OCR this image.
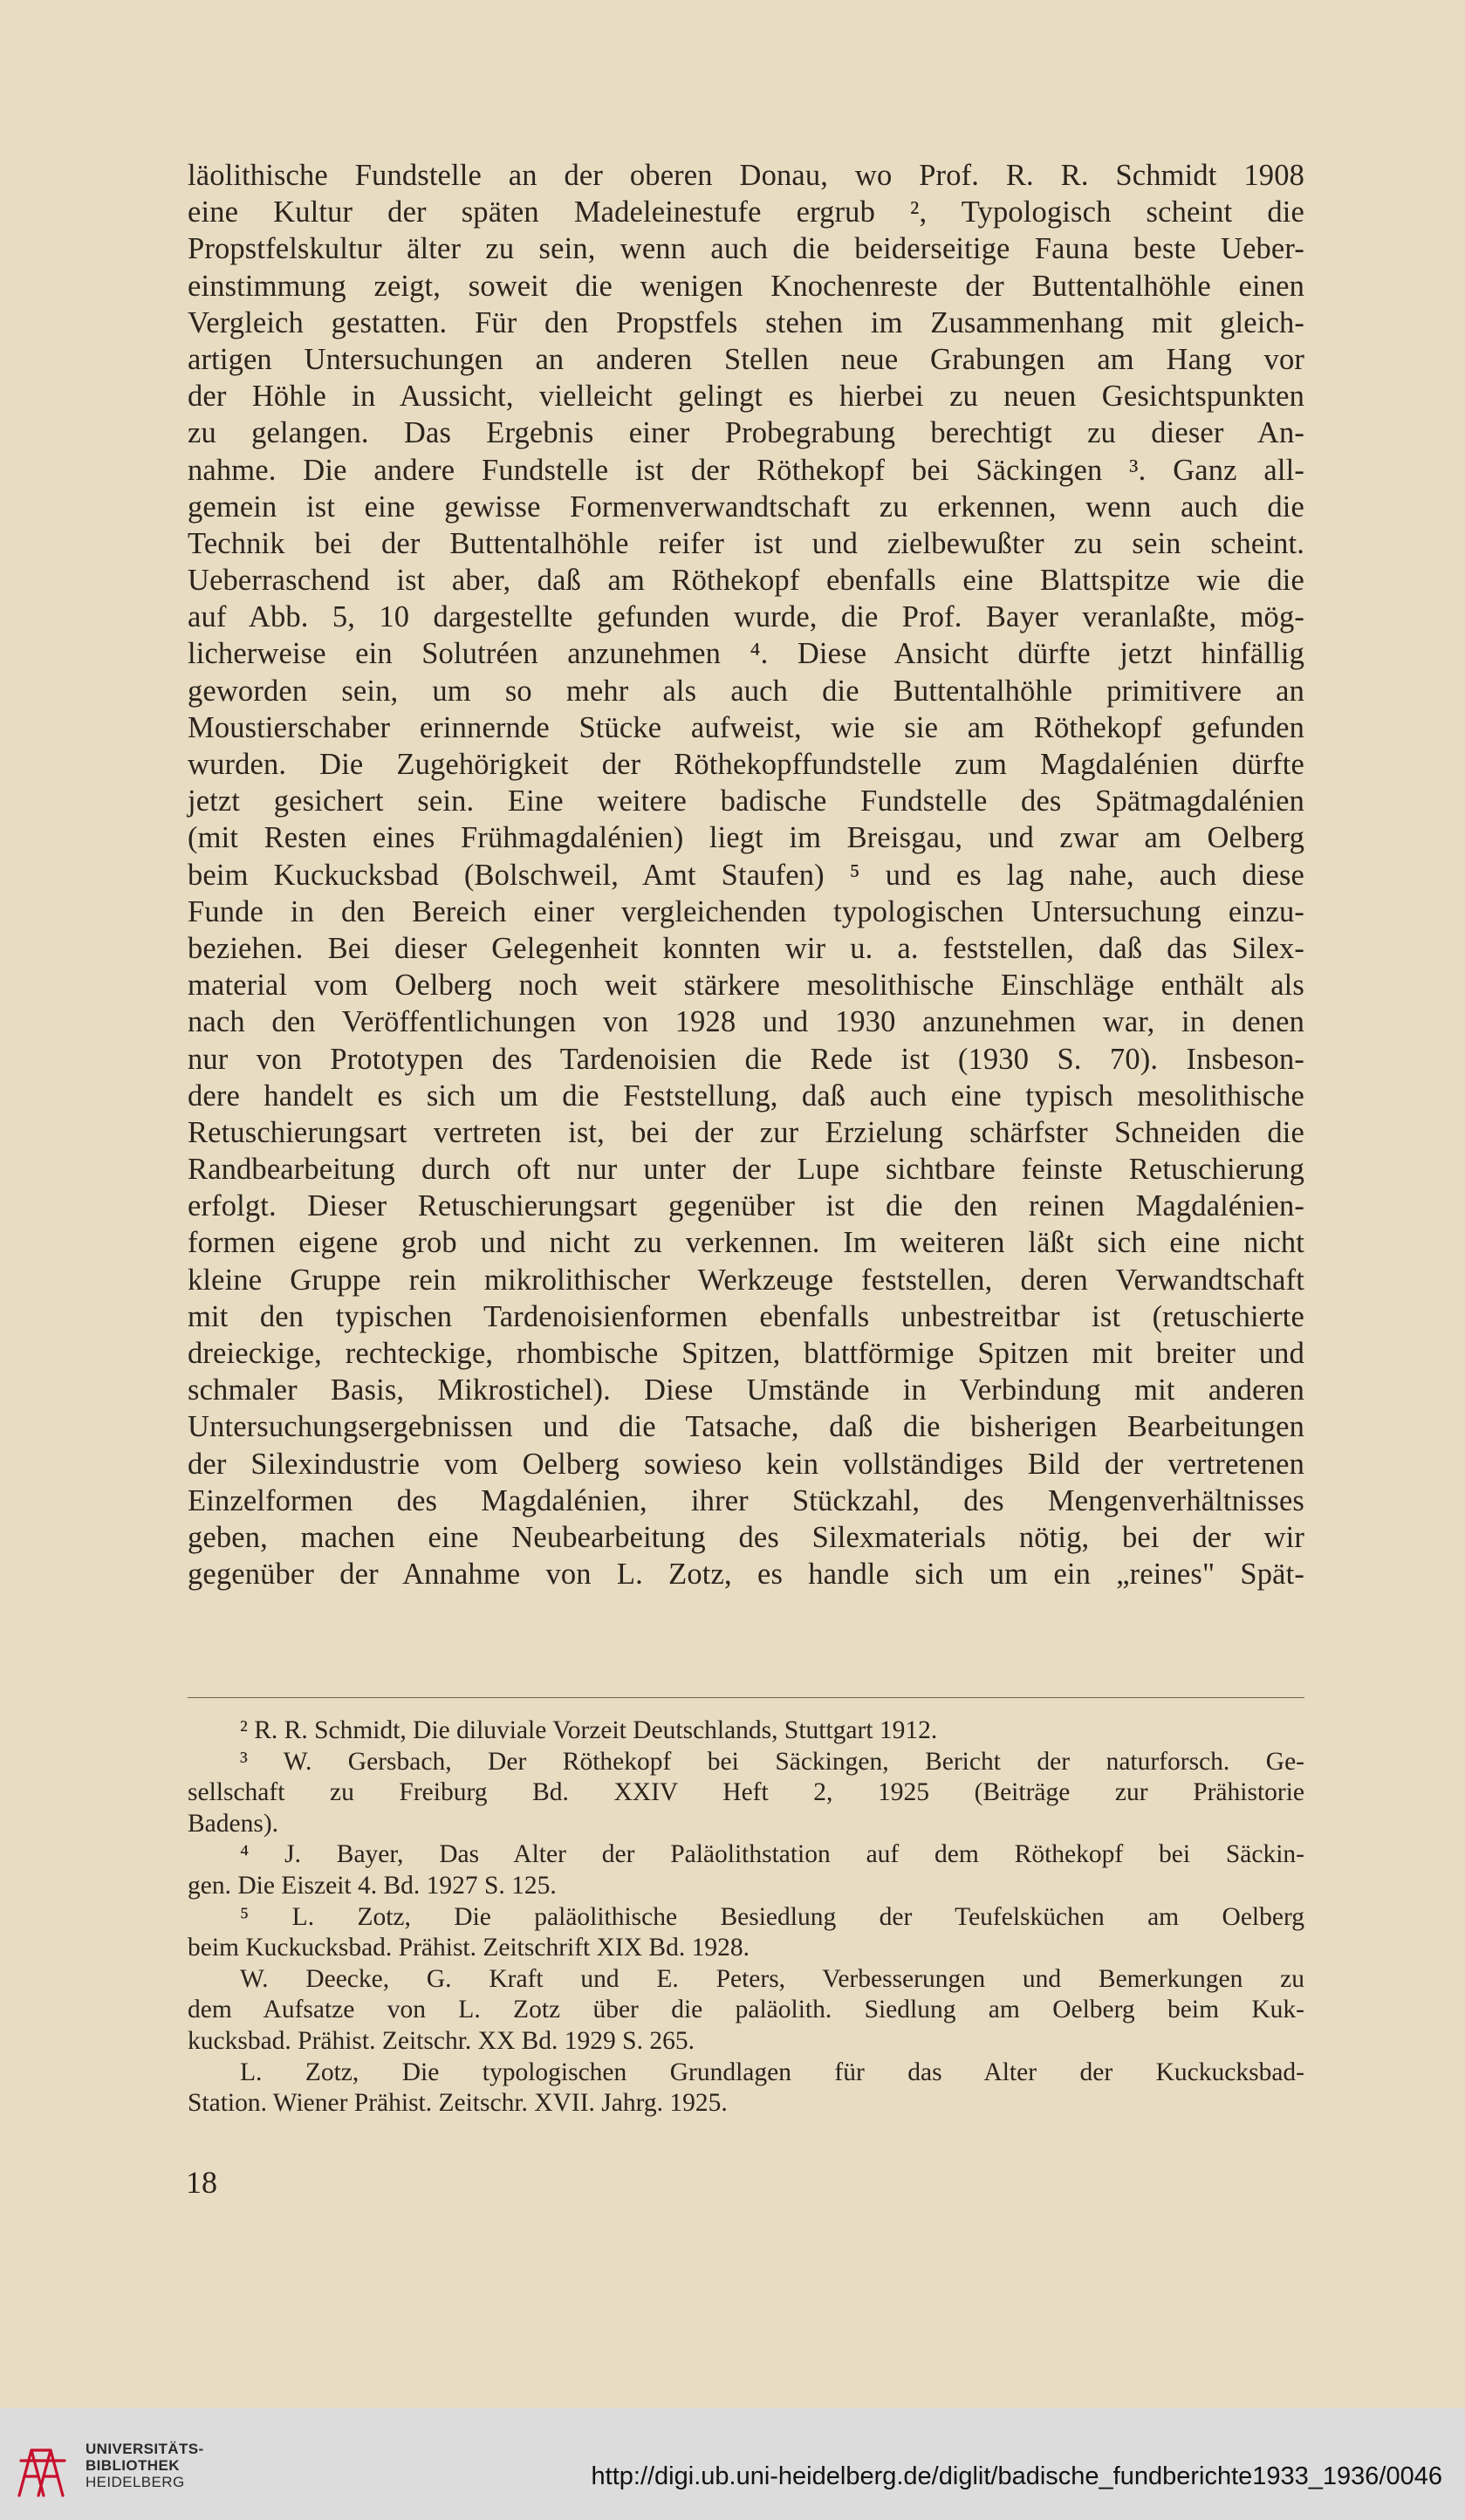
läolithische Fundstelle an der oberen Donau, wo Prof. R. R. Schmidt 1908
eine Kultur der späten Madeleinestufe ergrub ², Typologisch scheint die
Propstfelskultur älter zu sein, wenn auch die beiderseitige Fauna beste Ueber-
einstimmung zeigt, soweit die wenigen Knochenreste der Buttentalhöhle einen
Vergleich gestatten. Für den Propstfels stehen im Zusammenhang mit gleich-
artigen Untersuchungen an anderen Stellen neue Grabungen am Hang vor
der Höhle in Aussicht, vielleicht gelingt es hierbei zu neuen Gesichtspunkten
zu gelangen. Das Ergebnis einer Probegrabung berechtigt zu dieser An-
nahme. Die andere Fundstelle ist der Röthekopf bei Säckingen ³. Ganz all-
gemein ist eine gewisse Formenverwandtschaft zu erkennen, wenn auch die
Technik bei der Buttentalhöhle reifer ist und zielbewußter zu sein scheint.
Ueberraschend ist aber, daß am Röthekopf ebenfalls eine Blattspitze wie die
auf Abb. 5, 10 dargestellte gefunden wurde, die Prof. Bayer veranlaßte, mög-
licherweise ein Solutréen anzunehmen ⁴. Diese Ansicht dürfte jetzt hinfällig
geworden sein, um so mehr als auch die Buttentalhöhle primitivere an
Moustierschaber erinnernde Stücke aufweist, wie sie am Röthekopf gefunden
wurden. Die Zugehörigkeit der Röthekopffundstelle zum Magdalénien dürfte
jetzt gesichert sein. Eine weitere badische Fundstelle des Spätmagdalénien
(mit Resten eines Frühmagdalénien) liegt im Breisgau, und zwar am Oelberg
beim Kuckucksbad (Bolschweil, Amt Staufen) ⁵ und es lag nahe, auch diese
Funde in den Bereich einer vergleichenden typologischen Untersuchung einzu-
beziehen. Bei dieser Gelegenheit konnten wir u. a. feststellen, daß das Silex-
material vom Oelberg noch weit stärkere mesolithische Einschläge enthält als
nach den Veröffentlichungen von 1928 und 1930 anzunehmen war, in denen
nur von Prototypen des Tardenoisien die Rede ist (1930 S. 70). Insbeson-
dere handelt es sich um die Feststellung, daß auch eine typisch mesolithische
Retuschierungsart vertreten ist, bei der zur Erzielung schärfster Schneiden die
Randbearbeitung durch oft nur unter der Lupe sichtbare feinste Retuschierung
erfolgt. Dieser Retuschierungsart gegenüber ist die den reinen Magdalénien-
formen eigene grob und nicht zu verkennen. Im weiteren läßt sich eine nicht
kleine Gruppe rein mikrolithischer Werkzeuge feststellen, deren Verwandtschaft
mit den typischen Tardenoisienformen ebenfalls unbestreitbar ist (retuschierte
dreieckige, rechteckige, rhombische Spitzen, blattförmige Spitzen mit breiter und
schmaler Basis, Mikrostichel). Diese Umstände in Verbindung mit anderen
Untersuchungsergebnissen und die Tatsache, daß die bisherigen Bearbeitungen
der Silexindustrie vom Oelberg sowieso kein vollständiges Bild der vertretenen
Einzelformen des Magdalénien, ihrer Stückzahl, des Mengenverhältnisses
geben, machen eine Neubearbeitung des Silexmaterials nötig, bei der wir
gegenüber der Annahme von L. Zotz, es handle sich um ein „reines" Spät-
² R. R. Schmidt, Die diluviale Vorzeit Deutschlands, Stuttgart 1912.
³ W. Gersbach, Der Röthekopf bei Säckingen, Bericht der naturforsch. Ge-
sellschaft zu Freiburg Bd. XXIV Heft 2, 1925 (Beiträge zur Prähistorie
Badens).
⁴ J. Bayer, Das Alter der Paläolithstation auf dem Röthekopf bei Säckin-
gen. Die Eiszeit 4. Bd. 1927 S. 125.
⁵ L. Zotz, Die paläolithische Besiedlung der Teufelsküchen am Oelberg
beim Kuckucksbad. Prähist. Zeitschrift XIX Bd. 1928.
W. Deecke, G. Kraft und E. Peters, Verbesserungen und Bemerkungen zu
dem Aufsatze von L. Zotz über die paläolith. Siedlung am Oelberg beim Kuk-
kucksbad. Prähist. Zeitschr. XX Bd. 1929 S. 265.
L. Zotz, Die typologischen Grundlagen für das Alter der Kuckucksbad-
Station. Wiener Prähist. Zeitschr. XVII. Jahrg. 1925.
18
UNIVERSITÄTS-
BIBLIOTHEK
HEIDELBERG	http://digi.ub.uni-heidelberg.de/diglit/badische_fundberichte1933_1936/0046
